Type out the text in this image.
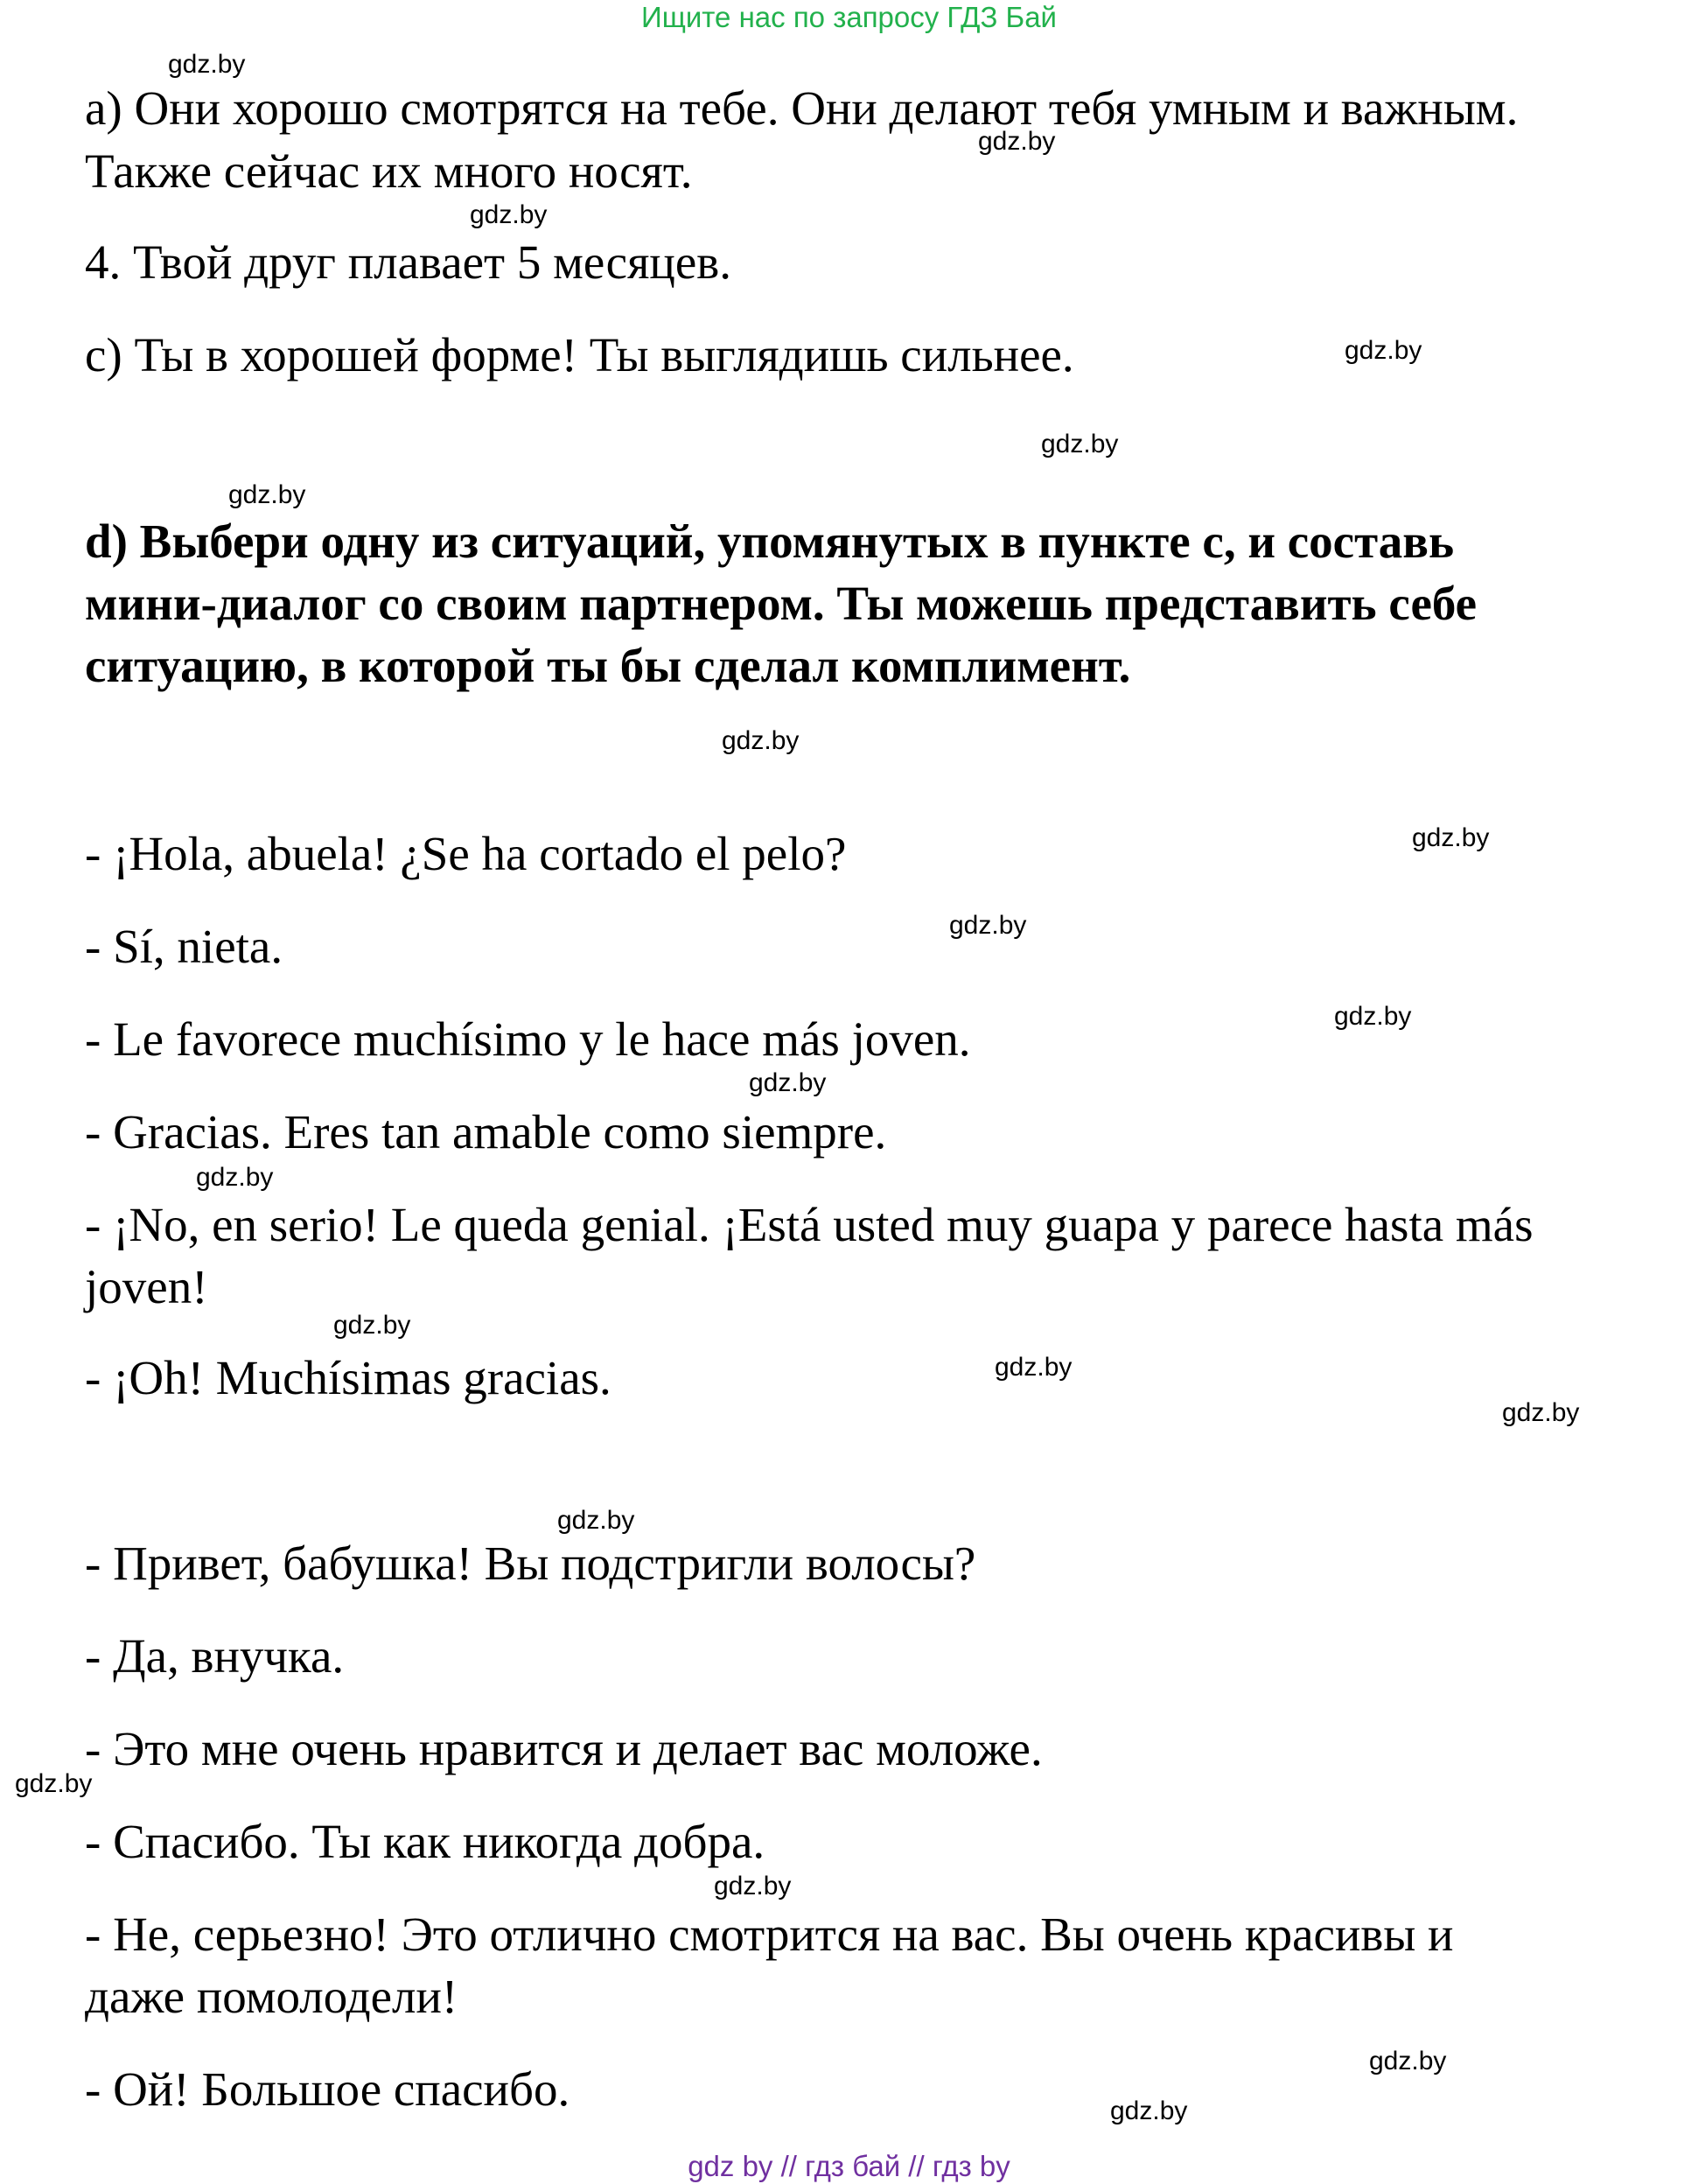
Ищите нас по запросу ГДЗ Бай
а) Они хорошо смотрятся на тебе. Они делают тебя умным и важным.
Также сейчас их много носят.
4. Твой друг плавает 5 месяцев.
с) Ты в хорошей форме! Ты выглядишь сильнее.
d) Выбери одну из ситуаций, упомянутых в пункте с, и составь
мини-диалог со своим партнером. Ты можешь представить себе
ситуацию, в которой ты бы сделал комплимент.
- ¡Hola, abuela! ¿Se ha cortado el pelo?
- Sí, nieta.
- Le favorece muchísimo y le hace más joven.
- Gracias. Eres tan amable como siempre.
- ¡No, en serio! Le queda genial. ¡Está usted muy guapa y parece hasta más
joven!
- ¡Oh! Muchísimas gracias.
- Привет, бабушка! Вы подстригли волосы?
- Да, внучка.
- Это мне очень нравится и делает вас моложе.
- Спасибо. Ты как никогда добра.
- Не, серьезно! Это отлично смотрится на вас. Вы очень красивы и
даже помолодели!
- Ой! Большое спасибо.
gdz.by
gdz.by
gdz.by
gdz.by
gdz.by
gdz.by
gdz.by
gdz.by
gdz.by
gdz.by
gdz.by
gdz.by
gdz.by
gdz.by
gdz.by
gdz.by
gdz.by
gdz.by
gdz.by
gdz.by
gdz by // гдз бай // гдз by
